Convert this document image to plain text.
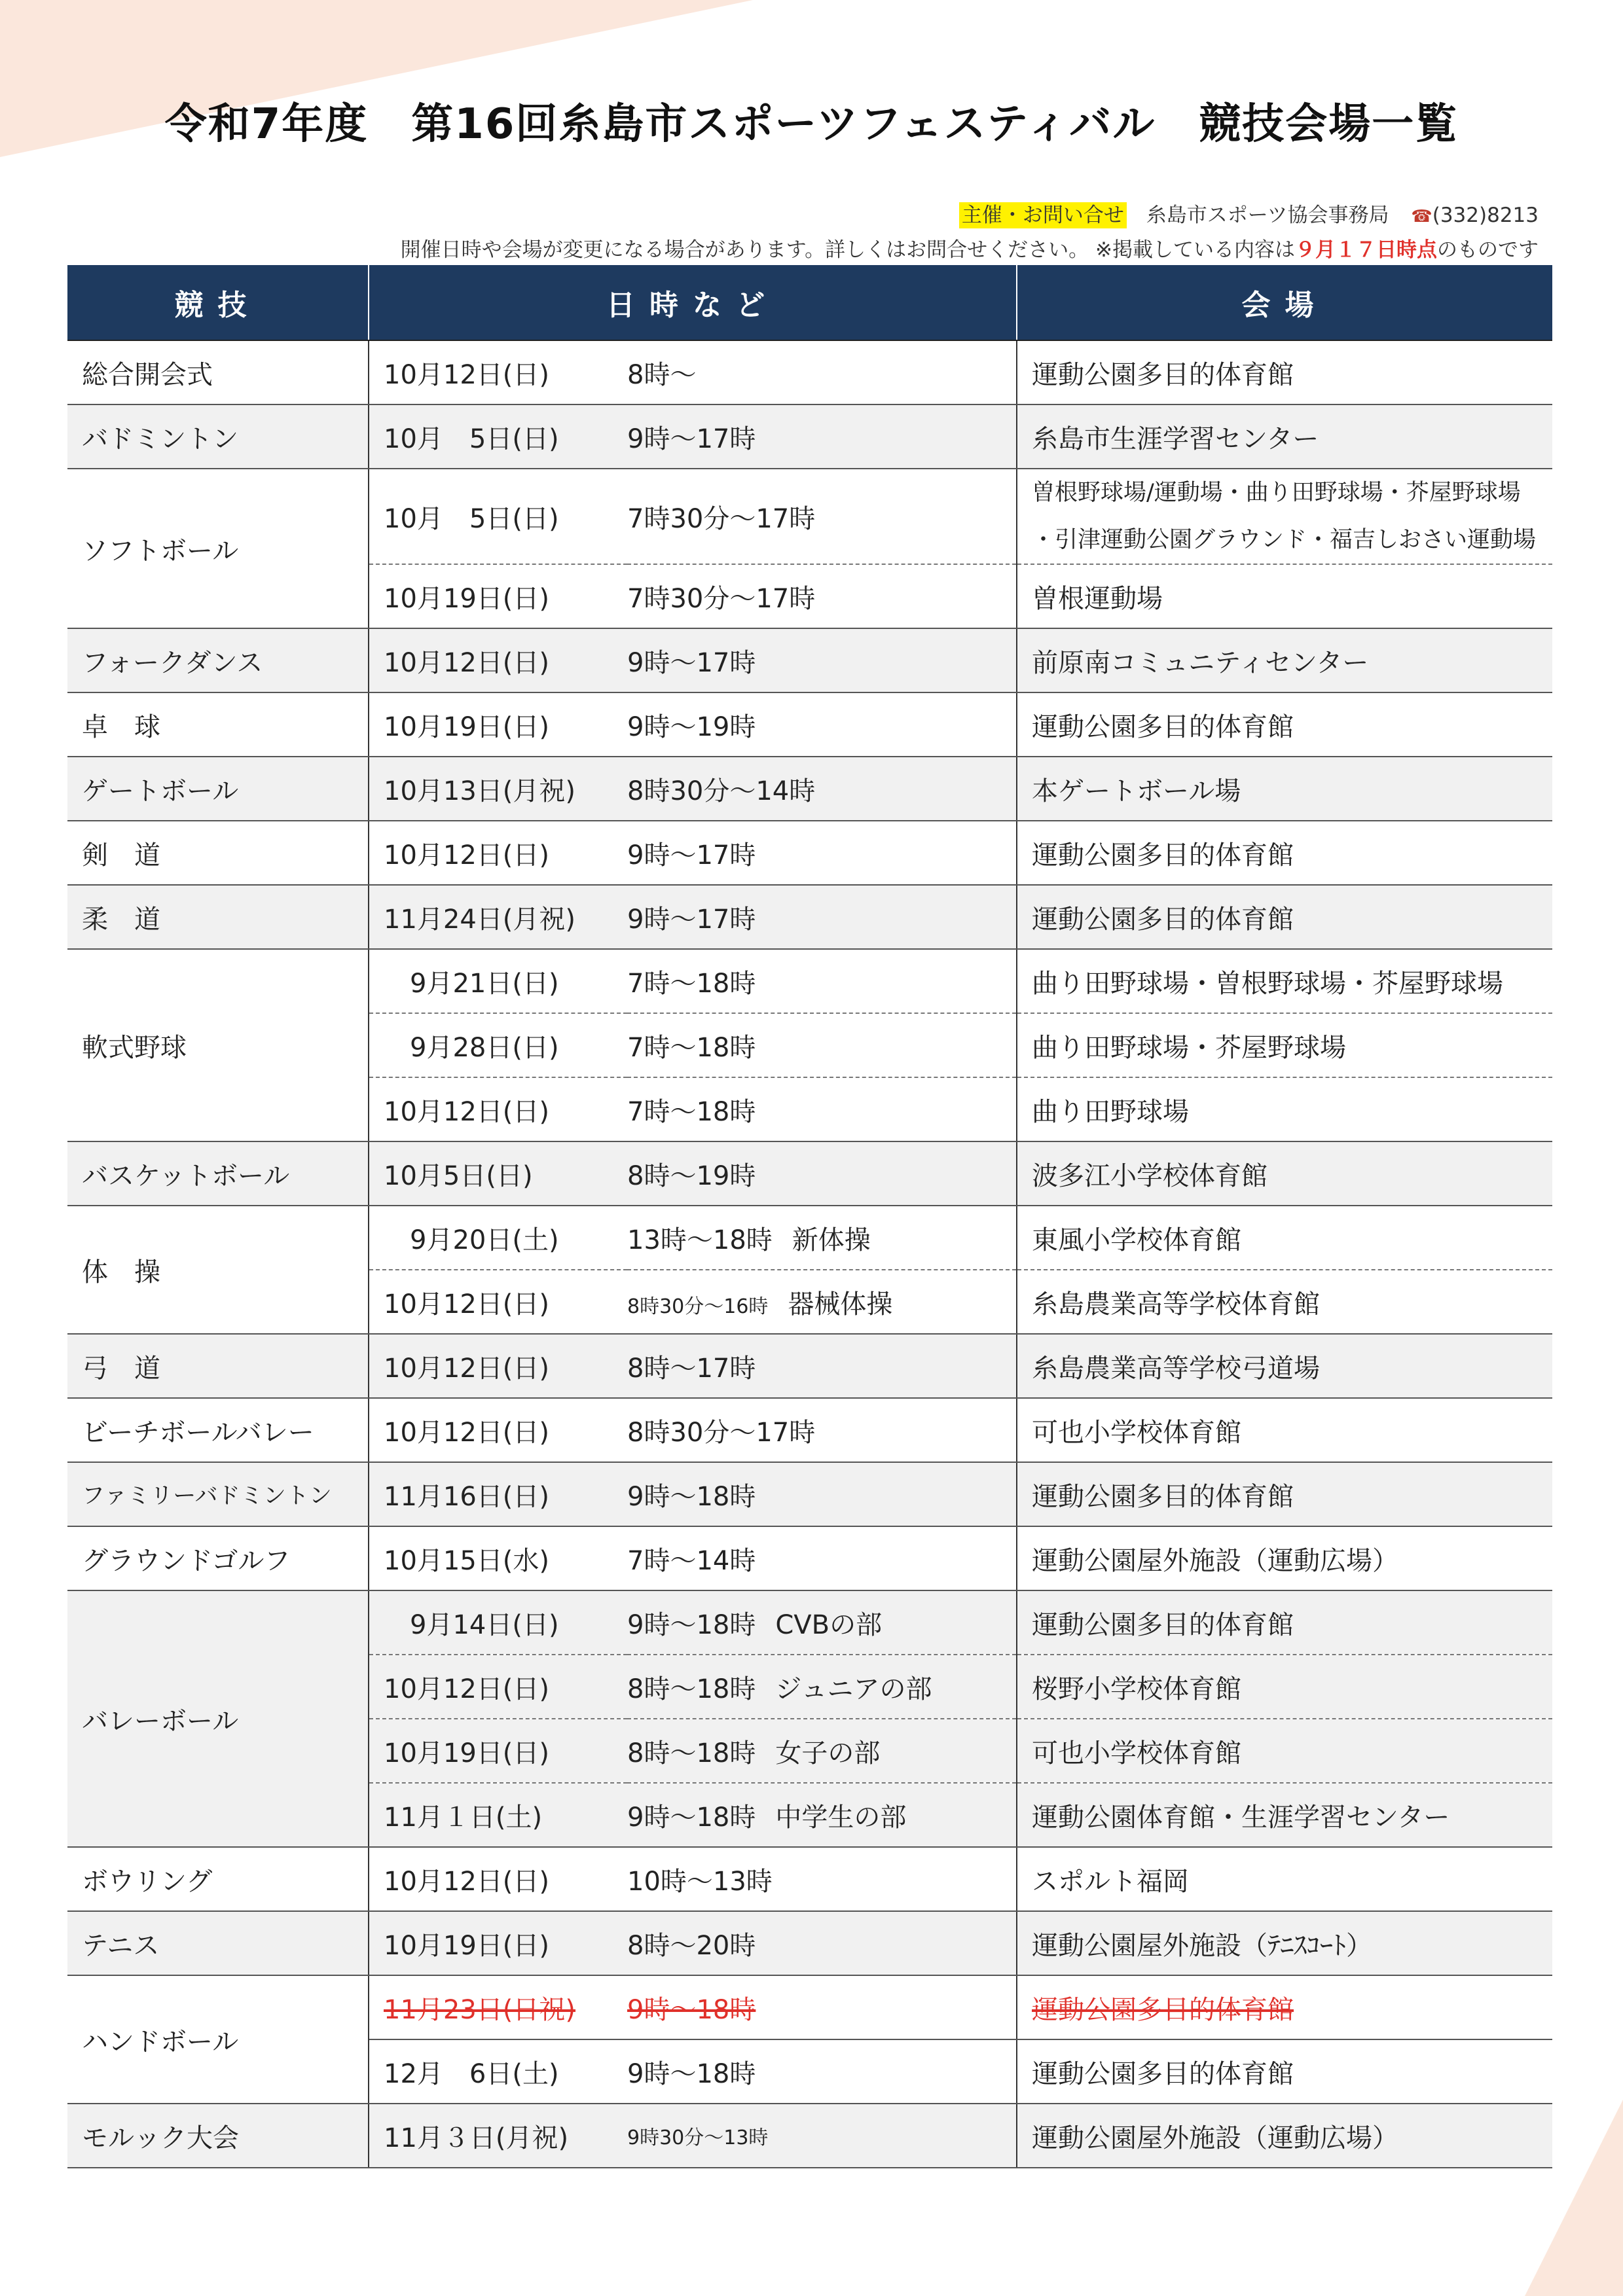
令和7年度　第16回糸島市スポーツフェスティバル　競技会場一覧
主催・お問い合せ 糸島市スポーツ協会事務局 ☎(332)8213
開催日時や会場が変更になる場合があります。詳しくはお問合せください。 ※掲載している内容は９月１７日時点のものです
競技	日時など		会場
総合開会式	10月12日(日)	8時～	運動公園多目的体育館
バドミントン	10月　5日(日)	9時～17時	糸島市生涯学習センター
ソフトボール	10月　5日(日)	7時30分～17時	曽根野球場/運動場・曲り田野球場・芥屋野球場
・引津運動公園グラウンド・福吉しおさい運動場

	10月19日(日)	7時30分～17時	曽根運動場
フォークダンス	10月12日(日)	9時～17時	前原南コミュニティセンター
卓　球	10月19日(日)	9時～19時	運動公園多目的体育館
ゲートボール	10月13日(月祝)	8時30分～14時	本ゲートボール場
剣　道	10月12日(日)	9時～17時	運動公園多目的体育館
柔　道	11月24日(月祝)	9時～17時	運動公園多目的体育館
軟式野球	　9月21日(日)	7時～18時	曲り田野球場・曽根野球場・芥屋野球場
	　9月28日(日)	7時～18時	曲り田野球場・芥屋野球場
	10月12日(日)	7時～18時	曲り田野球場
バスケットボール	10月5日(日)	8時～19時	波多江小学校体育館
体　操	　9月20日(土)	13時～18時 新体操	東風小学校体育館
	10月12日(日)	8時30分～16時 器械体操	糸島農業高等学校体育館
弓　道	10月12日(日)	8時～17時	糸島農業高等学校弓道場
ビーチボールバレー	10月12日(日)	8時30分～17時	可也小学校体育館
ファミリーバドミントン	11月16日(日)	9時～18時	運動公園多目的体育館
グラウンドゴルフ	10月15日(水)	7時～14時	運動公園屋外施設（運動広場）
バレーボール	　9月14日(日)	9時～18時 CVBの部	運動公園多目的体育館
	10月12日(日)	8時～18時 ジュニアの部	桜野小学校体育館
	10月19日(日)	8時～18時 女子の部	可也小学校体育館
	11月１日(土)	9時～18時 中学生の部	運動公園体育館・生涯学習センター
ボウリング	10月12日(日)	10時～13時	スポルト福岡
テニス	10月19日(日)	8時～20時	運動公園屋外施設（ﾃﾆｽｺｰﾄ）
ハンドボール	11月23日(日祝)	9時～18時	運動公園多目的体育館
	12月　6日(土)	9時～18時	運動公園多目的体育館
モルック大会	11月３日(月祝)	9時30分～13時	運動公園屋外施設（運動広場）
